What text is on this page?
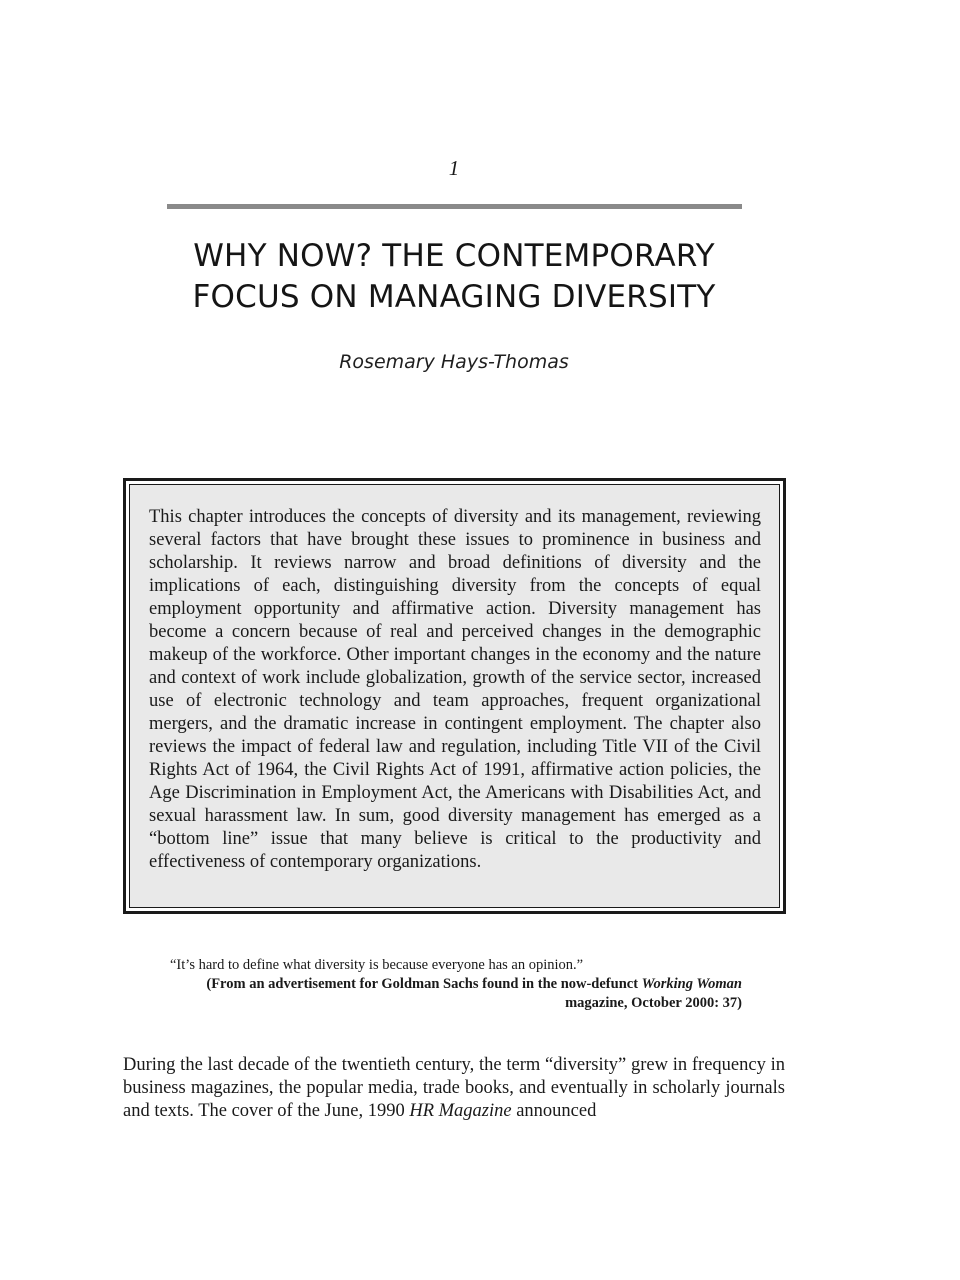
1
WHY NOW? THE CONTEMPORARY
FOCUS ON MANAGING DIVERSITY
Rosemary Hays-Thomas

This chapter introduces the concepts of diversity and its management, reviewing several factors that have brought these issues to prominence in business and scholarship. It reviews narrow and broad definitions of diversity and the implications of each, distinguishing diversity from the concepts of equal employment opportunity and affirmative action. Diversity management has become a concern because of real and perceived changes in the demographic makeup of the workforce. Other important changes in the economy and the nature and context of work include globalization, growth of the service sector, increased use of electronic technology and team approaches, frequent organizational mergers, and the dramatic increase in contingent employment. The chapter also reviews the impact of federal law and regulation, including Title VII of the Civil Rights Act of 1964, the Civil Rights Act of 1991, affirmative action policies, the Age Discrimination in Employment Act, the Americans with Disabilities Act, and sexual harassment law. In sum, good diversity management has emerged as a “bottom line” issue that many believe is critical to the productivity and effectiveness of contemporary organizations.

“It’s hard to define what diversity is because everyone has an opinion.”

(From an advertisement for Goldman Sachs found in the now-defunct Working Woman magazine, October 2000: 37)

During the last decade of the twentieth century, the term “diversity” grew in frequency in business magazines, the popular media, trade books, and eventually in scholarly journals and texts. The cover of the June, 1990 HR Magazine announced
